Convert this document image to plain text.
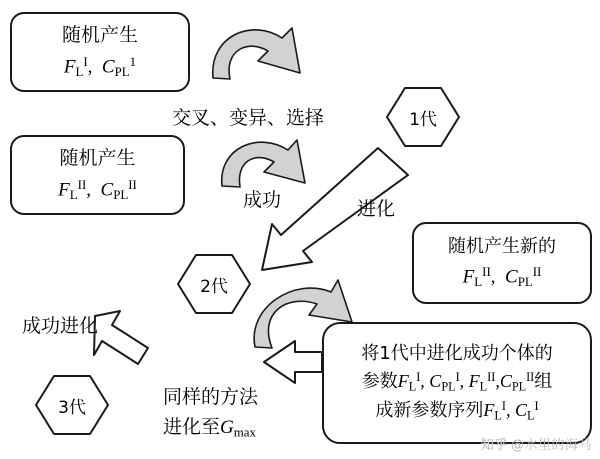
1代
2代
3代
随机产生
$F_L^I$,  $C_{PL}^1$
随机产生
$F_L^{II}$,  $C_{PL}^{II}$
随机产生新的
$F_L^{II}$,  $C_{PL}^{II}$
将1代中进化成功个体的
参数$F_L^I$, $C_{PL}^I$, $F_L^{II},C_{PL}^{II}$组
成新参数序列$F_L^I$, $C_L^I$
交叉、变异、选择
成功	进化
成功进化
同样的方法
进化至$G_{max}$
知乎 @水里的海马
